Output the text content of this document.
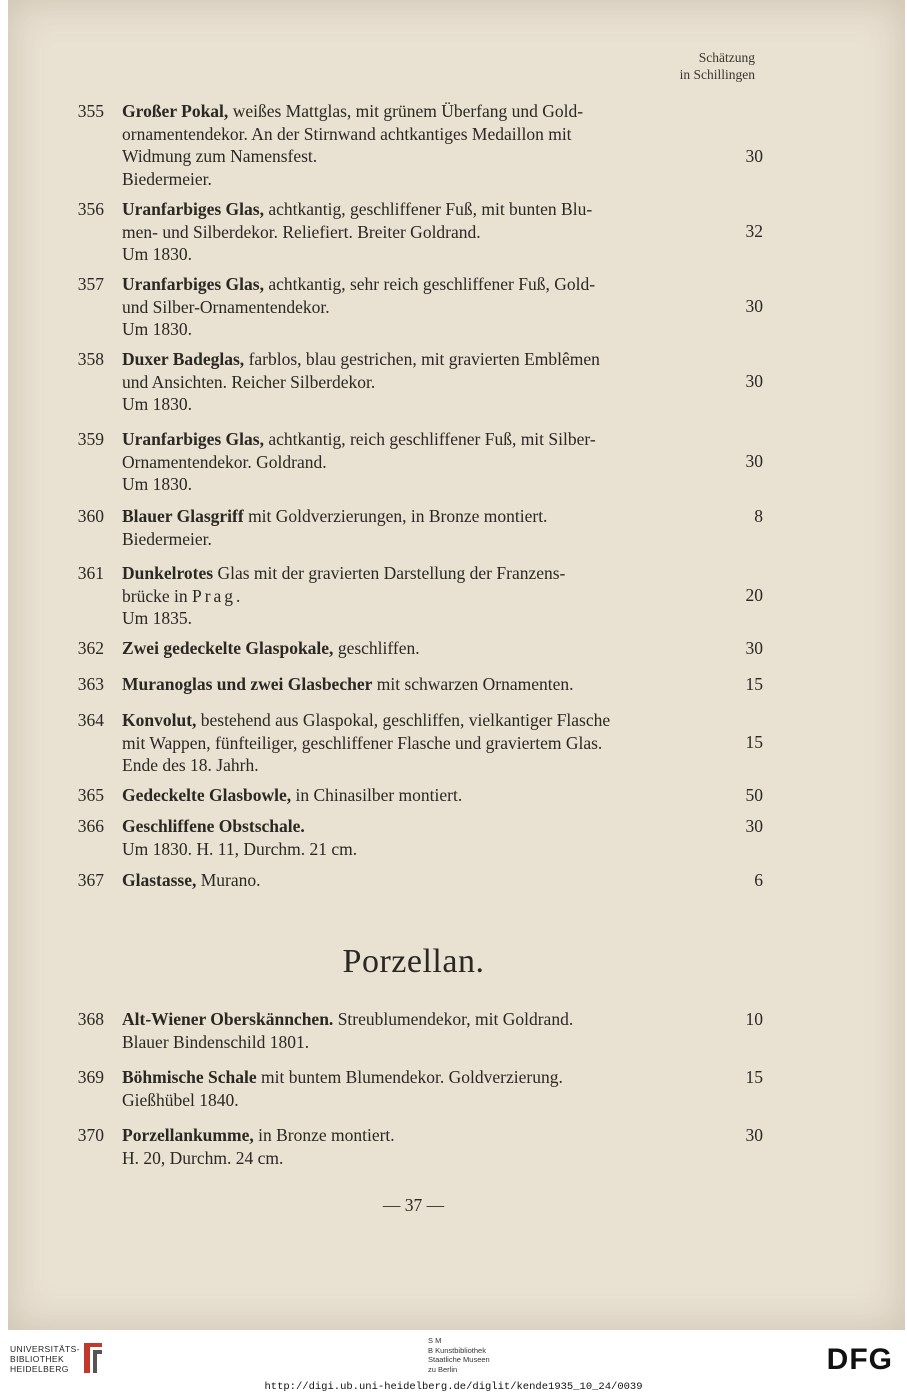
Schätzung
in Schillingen
355 Großer Pokal, weißes Mattglas, mit grünem Überfang und Gold-
ornamentendekor. An der Stirnwand achtkantiges Medaillon mit
Widmung zum Namensfest.
Biedermeier.
30
356 Uranfarbiges Glas, achtkantig, geschliffener Fuß, mit bunten Blu-
men- und Silberdekor. Reliefiert. Breiter Goldrand.
Um 1830.
32
357 Uranfarbiges Glas, achtkantig, sehr reich geschliffener Fuß, Gold-
und Silber-Ornamentendekor.
Um 1830.
30
358 Duxer Badeglas, farblos, blau gestrichen, mit gravierten Emblêmen
und Ansichten. Reicher Silberdekor.
Um 1830.
30
359 Uranfarbiges Glas, achtkantig, reich geschliffener Fuß, mit Silber-
Ornamentendekor. Goldrand.
Um 1830.
30
360 Blauer Glasgriff mit Goldverzierungen, in Bronze montiert.
Biedermeier.
8
361 Dunkelrotes Glas mit der gravierten Darstellung der Franzens-
brücke in Prag.
Um 1835.
20
362 Zwei gedeckelte Glaspokale, geschliffen.	30
363 Muranoglas und zwei Glasbecher mit schwarzen Ornamenten.	15
364 Konvolut, bestehend aus Glaspokal, geschliffen, vielkantiger Flasche
mit Wappen, fünfteiliger, geschliffener Flasche und graviertem Glas.
Ende des 18. Jahrh.
15
365 Gedeckelte Glasbowle, in Chinasilber montiert.	50
366 Geschliffene Obstschale.
Um 1830. H. 11, Durchm. 21 cm.
30
367 Glastasse, Murano.	6
Porzellan.
368 Alt-Wiener Oberskännchen. Streublumendekor, mit Goldrand.
Blauer Bindenschild 1801.
10
369 Böhmische Schale mit buntem Blumendekor. Goldverzierung.
Gießhübel 1840.
15
370 Porzellankumme, in Bronze montiert.
H. 20, Durchm. 24 cm.
30
— 37 —
UNIVERSITÄTS-
BIBLIOTHEK
HEIDELBERG
S M
B Kunstbibliothek
Staatliche Museen
zu Berlin	DFG
http://digi.ub.uni-heidelberg.de/diglit/kende1935_10_24/0039
